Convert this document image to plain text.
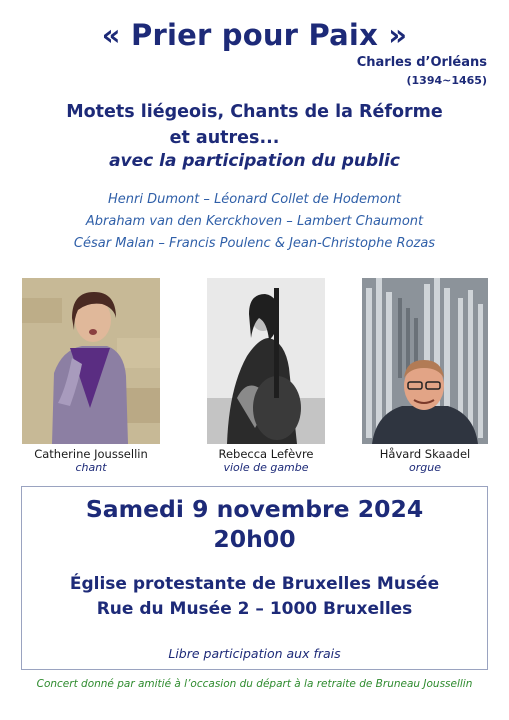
« Prier pour Paix »
Charles d’Orléans
(1394~1465)
Motets liégeois, Chants de la Réforme
et autres...
avec la participation du public
Henri Dumont – Léonard Collet de Hodemont
Abraham van den Kerckhoven – Lambert Chaumont
César Malan – Francis Poulenc & Jean-Christophe Rozas
Catherine Joussellin
chant
Rebecca Lefèvre
viole de gambe
Håvard Skaadel
orgue
Samedi 9 novembre 2024
20h00
Église protestante de Bruxelles Musée
Rue du Musée 2 – 1000 Bruxelles
Libre participation aux frais
Concert donné par amitié à l’occasion du départ à la retraite de Bruneau Joussellin
